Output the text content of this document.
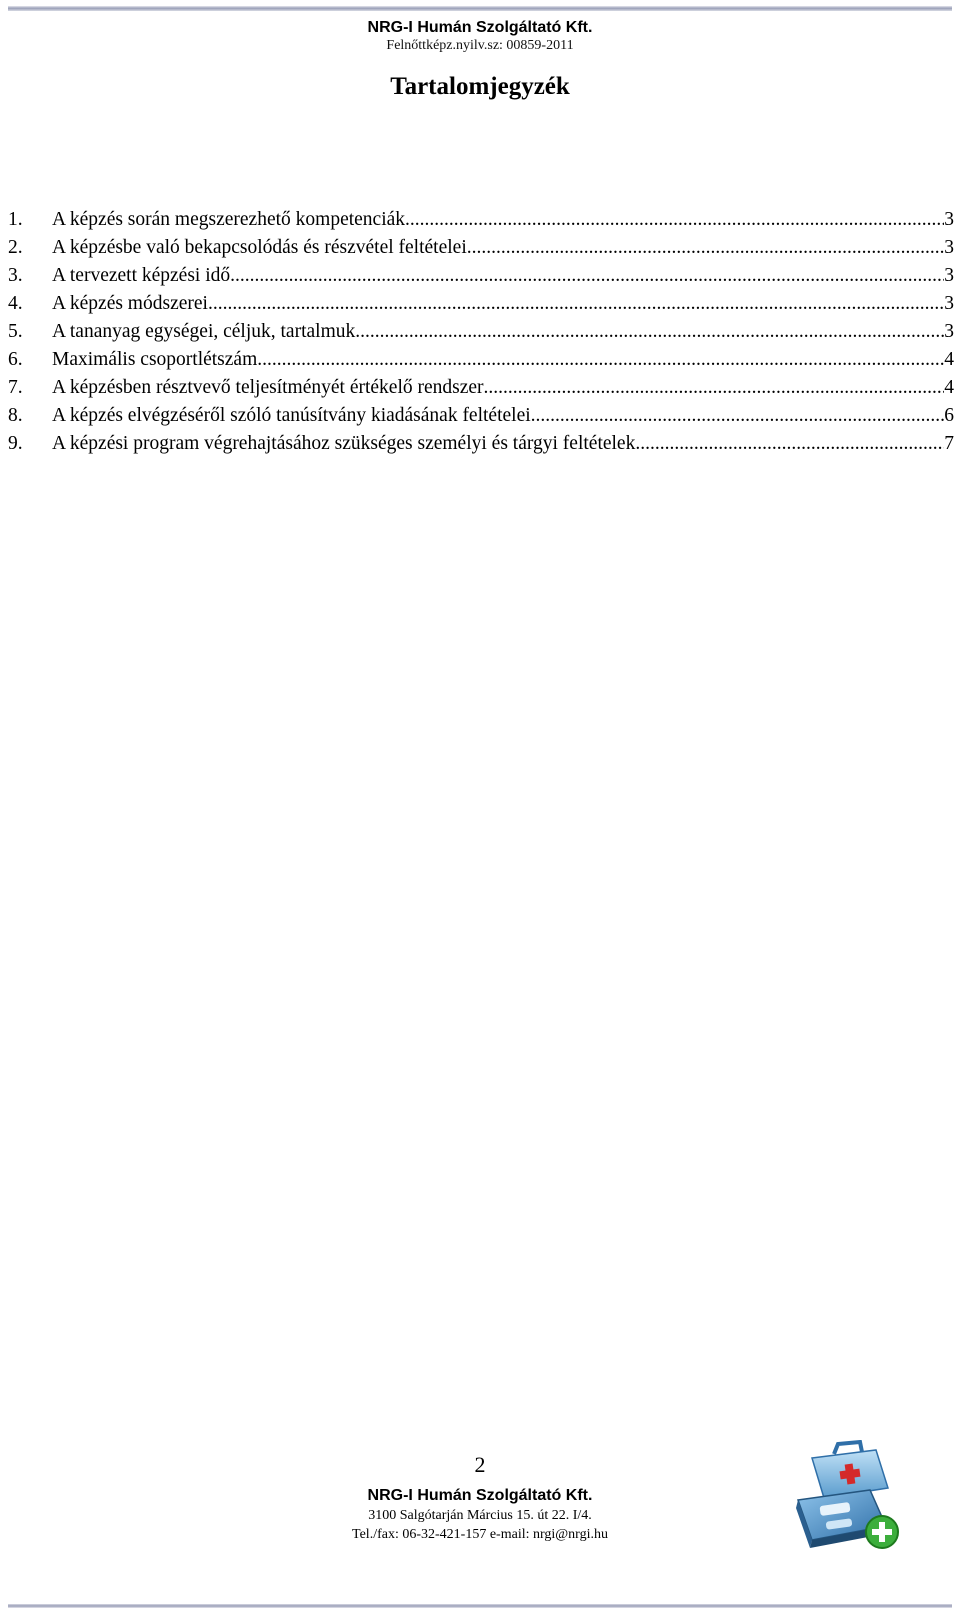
NRG-I Humán Szolgáltató Kft.
Felnőttképz.nyilv.sz: 00859-2011
Tartalomjegyzék
1.	A képzés során megszerezhető kompetenciák .....	3
2.	A képzésbe való bekapcsolódás és részvétel feltételei .....	3
3.	A tervezett képzési idő .....	3
4.	A képzés módszerei .....	3
5.	A tananyag egységei, céljuk, tartalmuk .....	3
6.	Maximális csoportlétszám .....	4
7.	A képzésben résztvevő teljesítményét értékelő rendszer .....	4
8.	A képzés elvégzéséről szóló tanúsítvány kiadásának feltételei .....	6
9.	A képzési program végrehajtásához szükséges személyi és tárgyi feltételek .....	7
2
NRG-I Humán Szolgáltató Kft.
3100 Salgótarján Március 15. út 22. I/4.
Tel./fax: 06-32-421-157 e-mail: nrgi@nrgi.hu
